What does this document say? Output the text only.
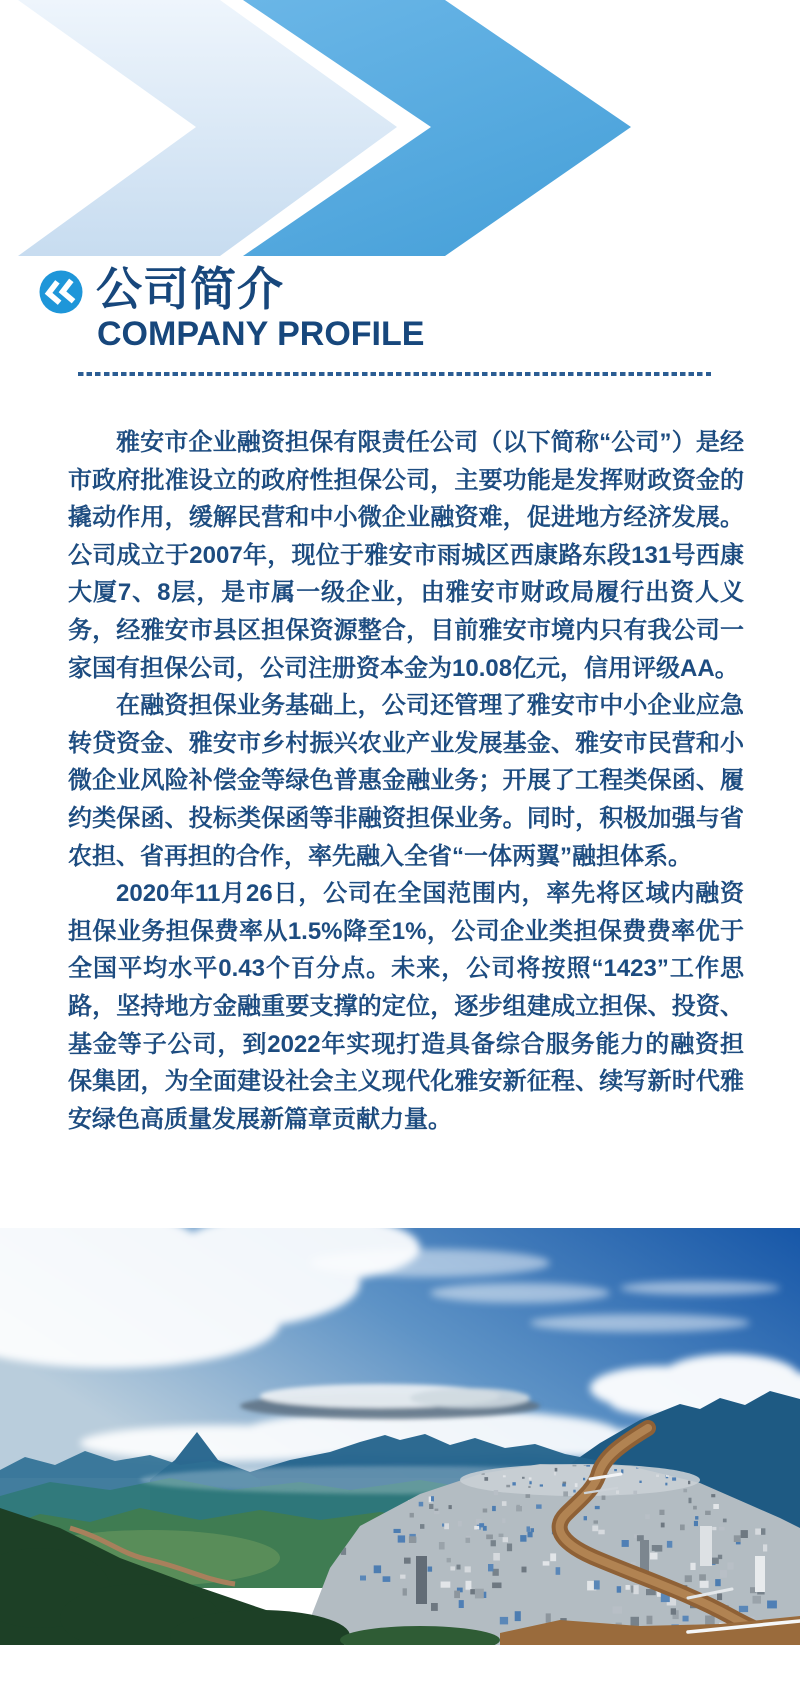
公司简介
COMPANY PROFILE

雅安市企业融资担保有限责任公司（以下简称“公司”）是经市政府批准设立的政府性担保公司，主要功能是发挥财政资金的撬动作用，缓解民营和中小微企业融资难，促进地方经济发展。公司成立于2007年，现位于雅安市雨城区西康路东段131号西康大厦7、8层，是市属一级企业，由雅安市财政局履行出资人义务，经雅安市县区担保资源整合，目前雅安市境内只有我公司一家国有担保公司，公司注册资本金为10.08亿元，信用评级AA。

在融资担保业务基础上，公司还管理了雅安市中小企业应急转贷资金、雅安市乡村振兴农业产业发展基金、雅安市民营和小微企业风险补偿金等绿色普惠金融业务；开展了工程类保函、履约类保函、投标类保函等非融资担保业务。同时，积极加强与省农担、省再担的合作，率先融入全省“一体两翼”融担体系。

2020年11月26日，公司在全国范围内，率先将区域内融资担保业务担保费率从1.5%降至1%，公司企业类担保费费率优于全国平均水平0.43个百分点。未来，公司将按照“1423”工作思路，坚持地方金融重要支撑的定位，逐步组建成立担保、投资、基金等子公司，到2022年实现打造具备综合服务能力的融资担保集团，为全面建设社会主义现代化雅安新征程、续写新时代雅安绿色高质量发展新篇章贡献力量。
